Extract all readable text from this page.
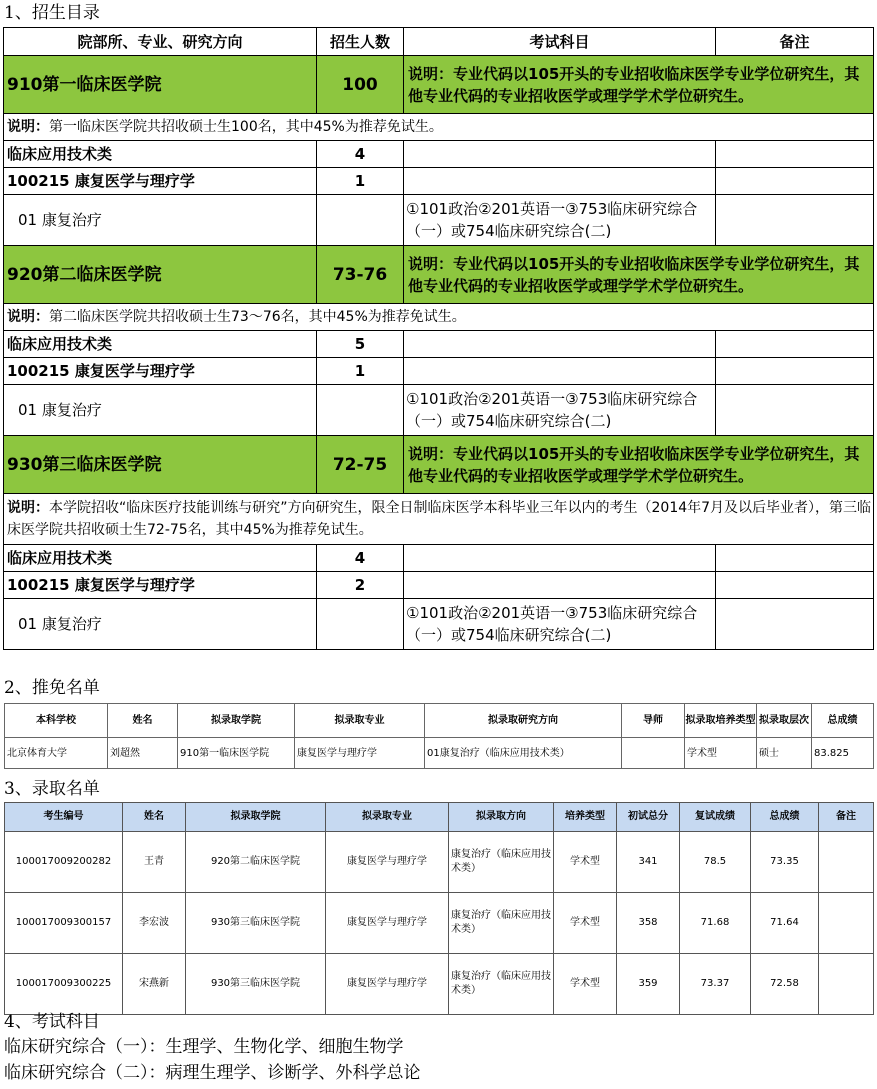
1、招生目录
院部所、专业、研究方向	招生人数	考试科目	备注
910第一临床医学院	100	说明：专业代码以105开头的专业招收临床医学专业学位研究生，其他专业代码的专业招收医学或理学学术学位研究生。	
说明：第一临床医学院共招收硕士生100名，其中45%为推荐免试生。			
临床应用技术类	4		
100215 康复医学与理疗学	1		
01 康复治疗		①101政治②201英语一③753临床研究综合（一）或754临床研究综合(二)	
920第二临床医学院	73-76	说明：专业代码以105开头的专业招收临床医学专业学位研究生，其他专业代码的专业招收医学或理学学术学位研究生。	
说明：第二临床医学院共招收硕士生73～76名，其中45%为推荐免试生。			
临床应用技术类	5		
100215 康复医学与理疗学	1		
01 康复治疗		①101政治②201英语一③753临床研究综合（一）或754临床研究综合(二)	
930第三临床医学院	72-75	说明：专业代码以105开头的专业招收临床医学专业学位研究生，其他专业代码的专业招收医学或理学学术学位研究生。	
说明：本学院招收“临床医疗技能训练与研究”方向研究生，限全日制临床医学本科毕业三年以内的考生（2014年7月及以后毕业者），第三临床医学院共招收硕士生72-75名，其中45%为推荐免试生。			
临床应用技术类	4		
100215 康复医学与理疗学	2		
01 康复治疗		①101政治②201英语一③753临床研究综合（一）或754临床研究综合(二)	
2、推免名单
本科学校	姓名	拟录取学院	拟录取专业	拟录取研究方向	导师	拟录取培养类型	拟录取层次	总成绩
北京体育大学	刘超然	910第一临床医学院	康复医学与理疗学	01康复治疗（临床应用技术类）		学术型	硕士	83.825
3、录取名单
考生编号	姓名	拟录取学院	拟录取专业	拟录取方向	培养类型	初试总分	复试成绩	总成绩	备注
100017009200282	王青	920第二临床医学院	康复医学与理疗学	康复治疗（临床应用技术类）	学术型	341	78.5	73.35	
100017009300157	李宏波	930第三临床医学院	康复医学与理疗学	康复治疗（临床应用技术类）	学术型	358	71.68	71.64	
100017009300225	宋燕新	930第三临床医学院	康复医学与理疗学	康复治疗（临床应用技术类）	学术型	359	73.37	72.58	
4、考试科目
临床研究综合（一）：生理学、生物化学、细胞生物学
临床研究综合（二）：病理生理学、诊断学、外科学总论
